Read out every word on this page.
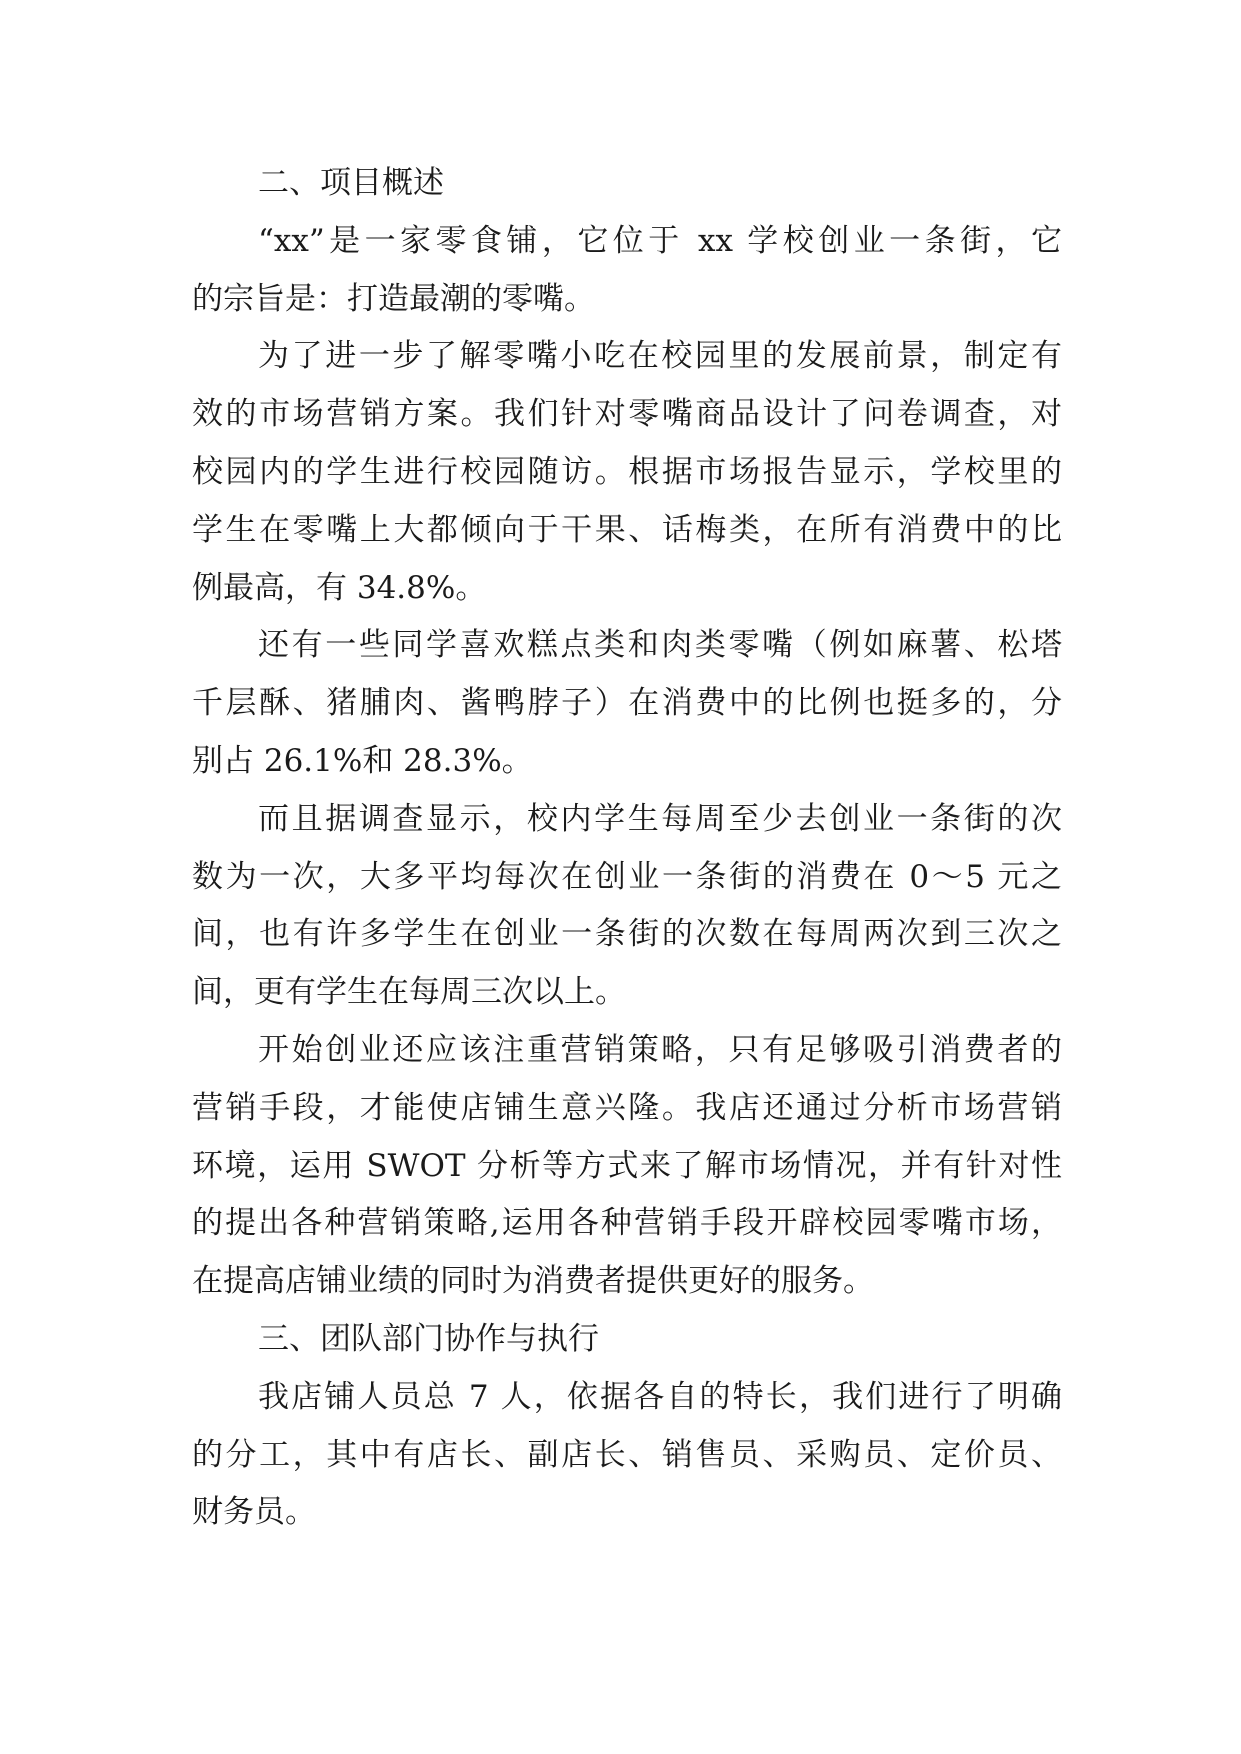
二、项目概述
“xx”是一家零食铺，它位于 xx 学校创业一条街，它
的宗旨是：打造最潮的零嘴。
为了进一步了解零嘴小吃在校园里的发展前景，制定有
效的市场营销方案。我们针对零嘴商品设计了问卷调查，对
校园内的学生进行校园随访。根据市场报告显示，学校里的
学生在零嘴上大都倾向于干果、话梅类，在所有消费中的比
例最高，有 34.8%。
还有一些同学喜欢糕点类和肉类零嘴（例如麻薯、松塔
千层酥、猪脯肉、酱鸭脖子）在消费中的比例也挺多的，分
别占 26.1%和 28.3%。
而且据调查显示，校内学生每周至少去创业一条街的次
数为一次，大多平均每次在创业一条街的消费在 0～5 元之
间，也有许多学生在创业一条街的次数在每周两次到三次之
间，更有学生在每周三次以上。
开始创业还应该注重营销策略，只有足够吸引消费者的
营销手段，才能使店铺生意兴隆。我店还通过分析市场营销
环境，运用 SWOT 分析等方式来了解市场情况，并有针对性
的提出各种营销策略,运用各种营销手段开辟校园零嘴市场，
在提高店铺业绩的同时为消费者提供更好的服务。
三、团队部门协作与执行
我店铺人员总 7 人，依据各自的特长，我们进行了明确
的分工，其中有店长、副店长、销售员、采购员、定价员、
财务员。
